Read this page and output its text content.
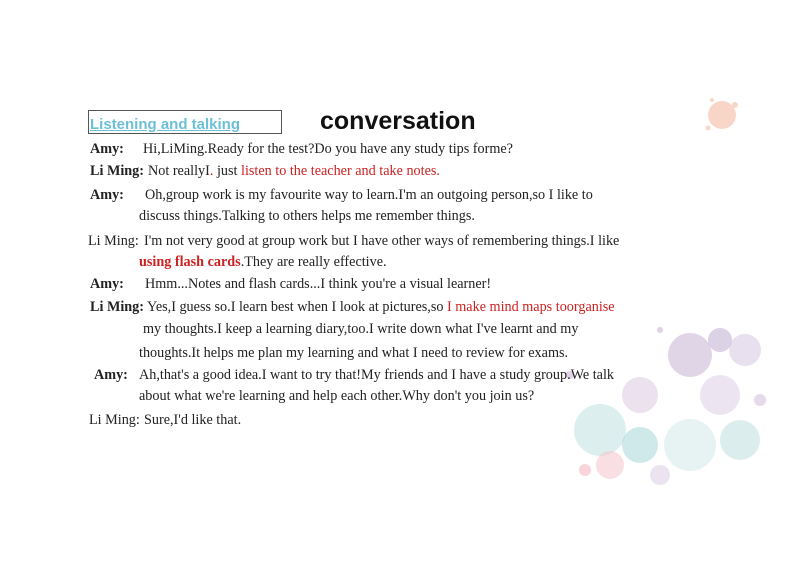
Listening and talking	conversation
Amy: Hi,LiMing.Ready for the test?Do you have any study tips forme?
Li Ming: Not reallyI. just listen to the teacher and take notes.
Amy: Oh,group work is my favourite way to learn.I'm an outgoing person,so I like to
discuss things.Talking to others helps me remember things.
Li Ming: I'm not very good at group work but I have other ways of remembering things.I like
using flash cards.They are really effective.
Amy: Hmm...Notes and flash cards...I think you're a visual learner!
Li Ming: Yes,I guess so.I learn best when I look at pictures,so I make mind maps toorganise
my thoughts.I keep a learning diary,too.I write down what I've learnt and my
thoughts.It helps me plan my learning and what I need to review for exams.
Amy: Ah,that's a good idea.I want to try that!My friends and I have a study group.We talk
about what we're learning and help each other.Why don't you join us?
Li Ming: Sure,I'd like that.
